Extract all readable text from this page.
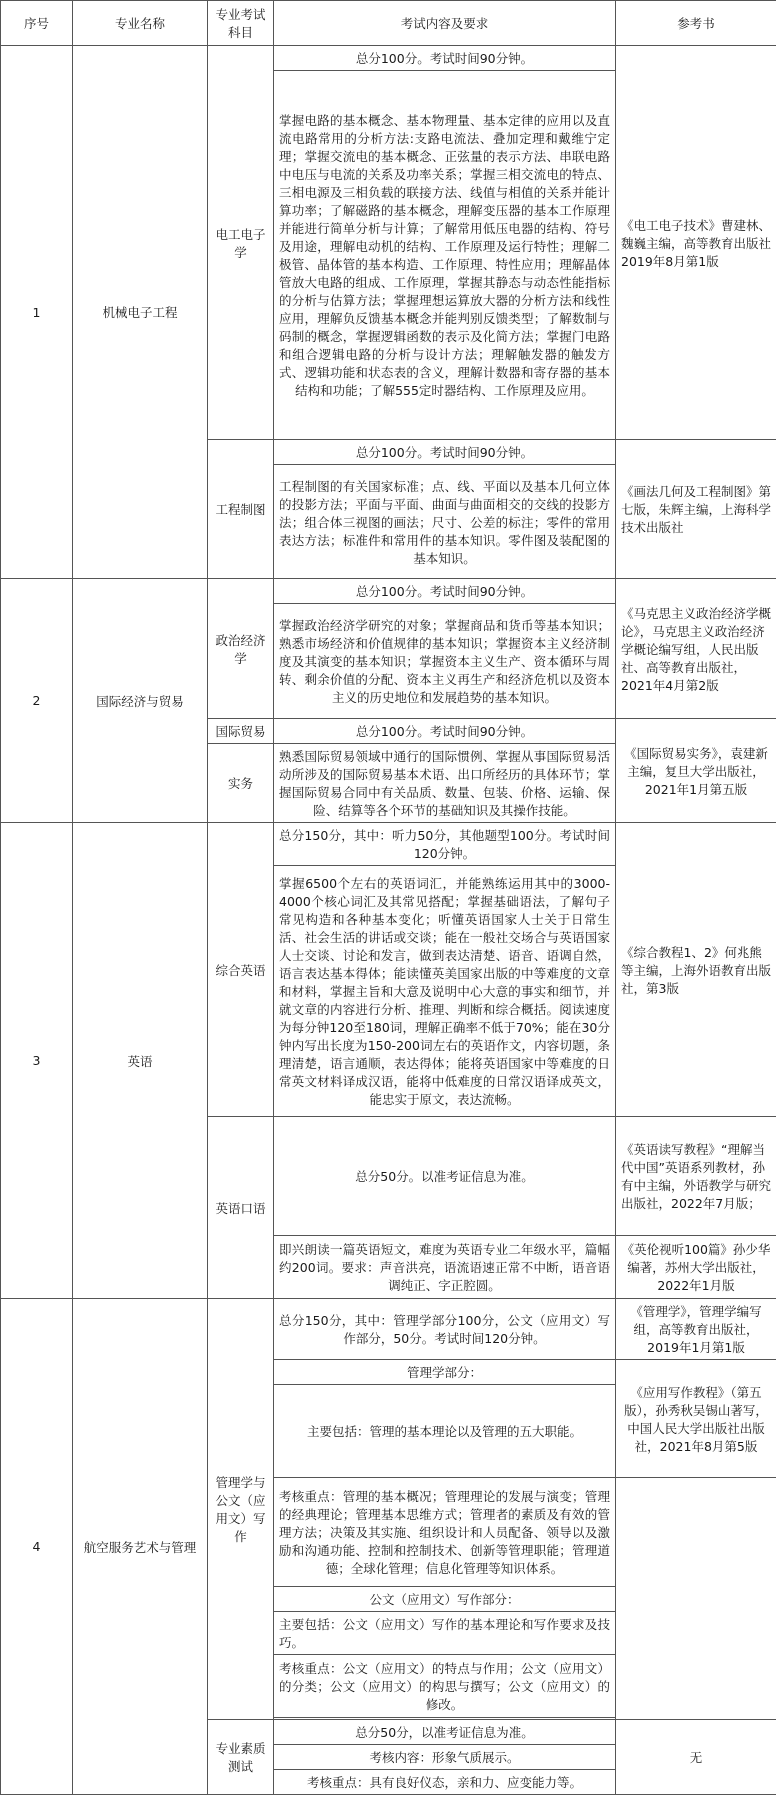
序号	专业名称	专业考试科目	考试内容及要求	参考书
1	机械电子工程	电工电子学	总分100分。考试时间90分钟。	《电工电子技术》曹建林、魏巍主编，高等教育出版社2019年8月第1版
			掌握电路的基本概念、基本物理量、基本定律的应用以及直流电路常用的分析方法:支路电流法、叠加定理和戴维宁定理；掌握交流电的基本概念、正弦量的表示方法、串联电路中电压与电流的关系及功率关系；掌握三相交流电的特点、三相电源及三相负载的联接方法、线值与相值的关系并能计算功率；了解磁路的基本概念，理解变压器的基本工作原理并能进行简单分析与计算；了解常用低压电器的结构、符号及用途，理解电动机的结构、工作原理及运行特性；理解二极管、晶体管的基本构造、工作原理、特性应用；理解晶体管放大电路的组成、工作原理，掌握其静态与动态性能指标的分析与估算方法；掌握理想运算放大器的分析方法和线性应用，理解负反馈基本概念并能判别反馈类型；了解数制与码制的概念，掌握逻辑函数的表示及化简方法；掌握门电路和组合逻辑电路的分析与设计方法；理解触发器的触发方式、逻辑功能和状态表的含义，理解计数器和寄存器的基本结构和功能；了解555定时器结构、工作原理及应用。	
		工程制图	总分100分。考试时间90分钟。	《画法几何及工程制图》第七版，朱辉主编，上海科学技术出版社
			工程制图的有关国家标准；点、线、平面以及基本几何立体的投影方法；平面与平面、曲面与曲面相交的交线的投影方法；组合体三视图的画法；尺寸、公差的标注；零件的常用表达方法；标准件和常用件的基本知识。零件图及装配图的基本知识。	
2	国际经济与贸易	政治经济学	总分100分。考试时间90分钟。	《马克思主义政治经济学概论》，马克思主义政治经济学概论编写组，人民出版社、高等教育出版社，2021年4月第2版
			掌握政治经济学研究的对象；掌握商品和货币等基本知识；熟悉市场经济和价值规律的基本知识；掌握资本主义经济制度及其演变的基本知识；掌握资本主义生产、资本循环与周转、剩余价值的分配、资本主义再生产和经济危机以及资本主义的历史地位和发展趋势的基本知识。	
		国际贸易	总分100分。考试时间90分钟。	《国际贸易实务》，袁建新主编，复旦大学出版社，2021年1月第五版
		实务	熟悉国际贸易领域中通行的国际惯例、掌握从事国际贸易活动所涉及的国际贸易基本术语、出口所经历的具体环节；掌握国际贸易合同中有关品质、数量、包装、价格、运输、保险、结算等各个环节的基础知识及其操作技能。	

3	英语	综合英语	总分150分，其中：听力50分，其他题型100分。考试时间120分钟。	《综合教程1、2》何兆熊等主编，上海外语教育出版社，第3版
			掌握6500个左右的英语词汇，并能熟练运用其中的3000-4000个核心词汇及其常见搭配；掌握基础语法，了解句子常见构造和各种基本变化；听懂英语国家人士关于日常生活、社会生活的讲话或交谈；能在一般社交场合与英语国家人士交谈、讨论和发言，做到表达清楚、语音、语调自然，语言表达基本得体；能读懂英美国家出版的中等难度的文章和材料，掌握主旨和大意及说明中心大意的事实和细节，并就文章的内容进行分析、推理、判断和综合概括。阅读速度为每分钟120至180词，理解正确率不低于70%；能在30分钟内写出长度为150-200词左右的英语作文，内容切题，条理清楚，语言通顺，表达得体；能将英语国家中等难度的日常英文材料译成汉语，能将中低难度的日常汉语译成英文，能忠实于原文，表达流畅。	
		英语口语	总分50分。以准考证信息为准。	《英语读写教程》“理解当代中国”英语系列教材，孙有中主编，外语教学与研究出版社，2022年7月版；
			即兴朗读一篇英语短文，难度为英语专业二年级水平，篇幅约200词。要求：声音洪亮，语流语速正常不中断，语音语调纯正、字正腔圆。	《英伦视听100篇》孙少华编著，苏州大学出版社，2022年1月版
4	航空服务艺术与管理	管理学与公文（应用文）写作	总分150分，其中：管理学部分100分，公文（应用文）写作部分，50分。考试时间120分钟。	《管理学》，管理学编写组，高等教育出版社，2019年1月第1版
			管理学部分：	《应用写作教程》（第五版），孙秀秋吴锡山著写，中国人民大学出版社出版社，2021年8月第5版
			主要包括：管理的基本理论以及管理的五大职能。	
			考核重点：管理的基本概况；管理理论的发展与演变；管理的经典理论；管理基本思维方式；管理者的素质及有效的管理方法；决策及其实施、组织设计和人员配备、领导以及激励和沟通功能、控制和控制技术、创新等管理职能；管理道德；全球化管理；信息化管理等知识体系。	
			公文（应用文）写作部分：	
			主要包括：公文（应用文）写作的基本理论和写作要求及技巧。	
			考核重点：公文（应用文）的特点与作用；公文（应用文）的分类；公文（应用文）的构思与撰写；公文（应用文）的修改。	

		专业素质测试	总分50分，以准考证信息为准。	无
			考核内容：形象气质展示。	
			考核重点：具有良好仪态，亲和力、应变能力等。	
